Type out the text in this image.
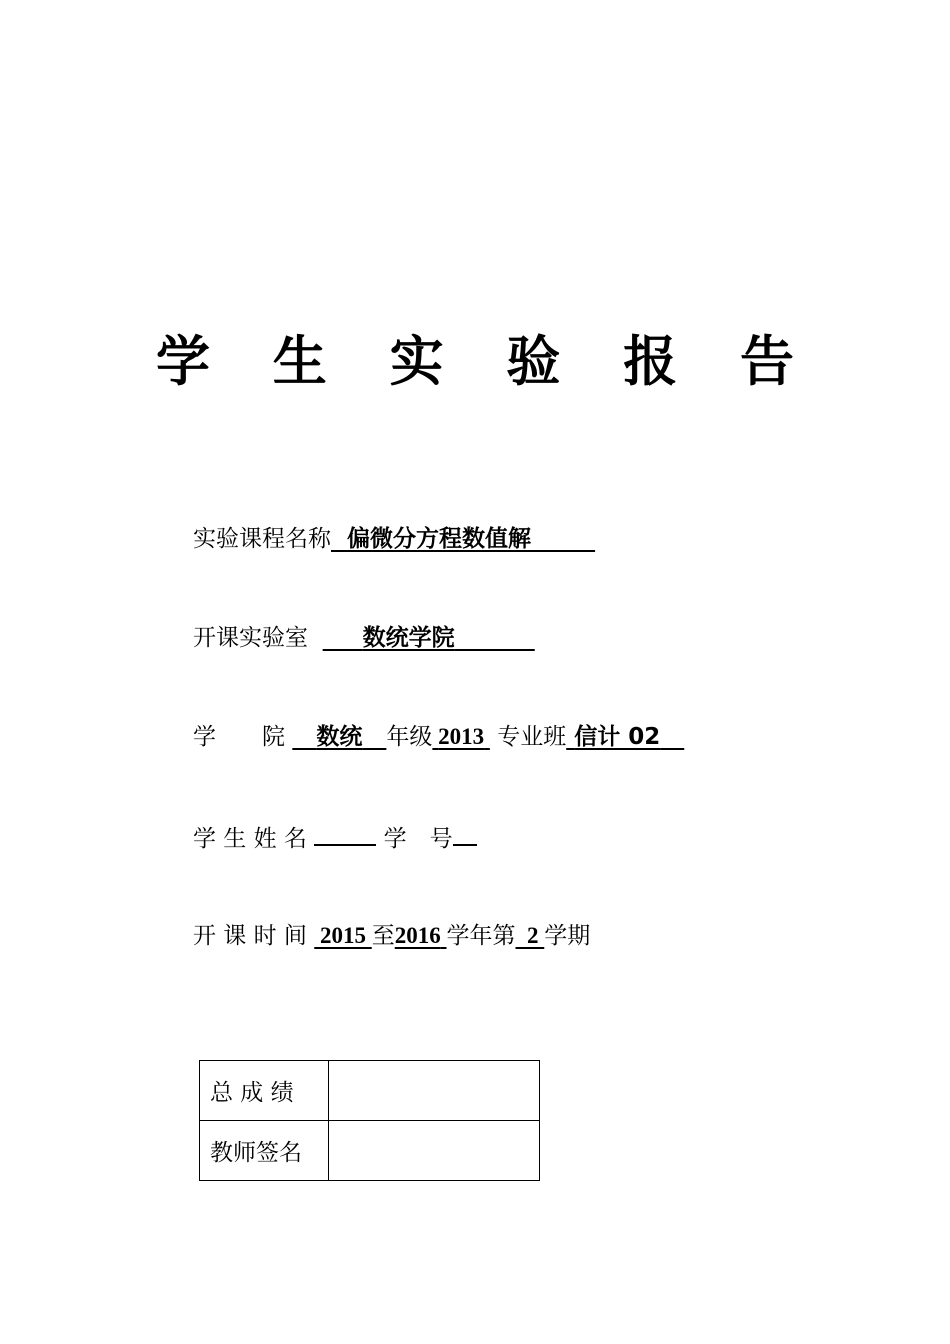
学 生 实 验 报 告
实验课程名称 偏微分方程数值解
开课实验室 数统学院
学　　院 数统 年级 2013 专业班 信计 02
学 生 姓 名	学　号
开 课 时 间 2015 至2016 学年第 2 学期
总 成 绩	
教师签名	
